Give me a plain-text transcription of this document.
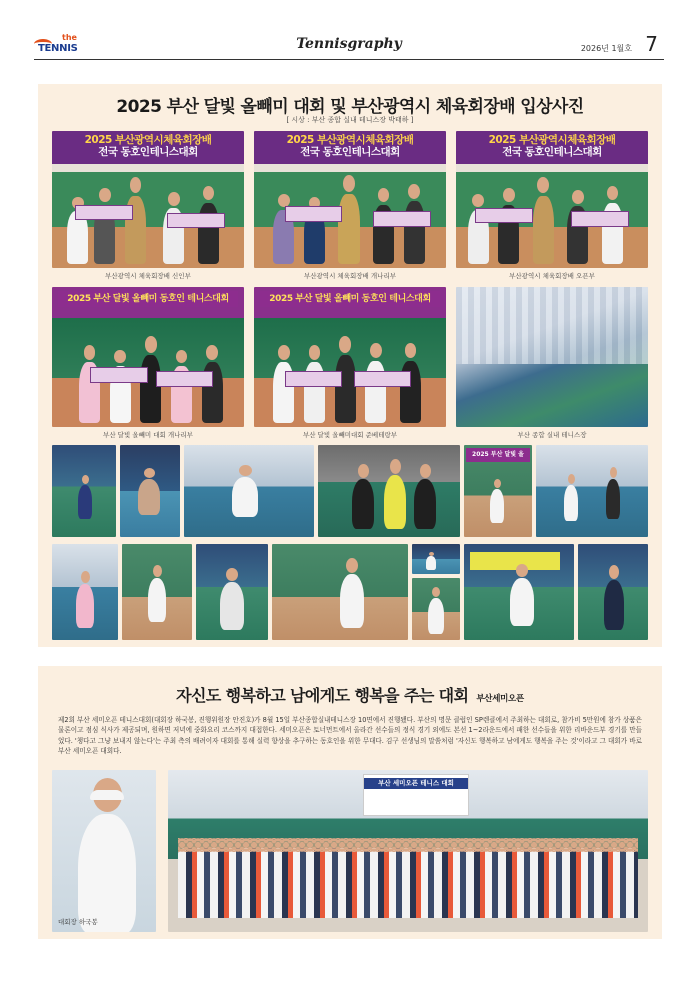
the
TENNIS	Tennisgraphy	2026년 1월호 7
2025 부산 달빛 올빼미 대회 및 부산광역시 체육회장배 입상사진
[ 시상 : 부산 종합 실내 테니스장 박태하 ]
2025 부산광역시체육회장배
전국 동호인테니스대회
2025 부산광역시체육회장배
전국 동호인테니스대회
2025 부산광역시체육회장배
전국 동호인테니스대회
부산광역시 체육회장배 신인부	부산광역시 체육회장배 개나리부	부산광역시 체육회장배 오픈부
2025 부산 달빛 올빼미 동호인 테니스대회	2025 부산 달빛 올빼미 동호인 테니스대회
부산 달빛 올빼미 대회 개나리부	부산 달빛 올빼미대회 준베테랑부	부산 종합 실내 테니스장
2025 부산 달빛 올
자신도 행복하고 남에게도 행복을 주는 대회 부산세미오픈
제2회 부산 세미오픈 테니스대회(대회장 하국봉, 진행위원장 안진호)가 8월 15일 부산종합실내테니스장 10면에서 진행됐다. 부산의 명문 클럽인 SP렌클에서 주최하는 대회로, 참가비 5만원에 참가 상품은 물론이고 점심 식사가 제공되며, 원하면 저녁에 중화요리 코스까지 대접한다. 세미오픈은 토너먼트에서 올라간 선수들의 정식 경기 외에도 본선 1~2라운드에서 패한 선수들을 위한 리바운드부 경기를 만들었다. '챙다고 그냥 보내지 않는다'는 주최 측의 배려이자 대회를 통해 실력 향상을 추구하는 동호인을 위한 무대다. 김구 선생님의 말씀처럼 '자신도 행복하고 남에게도 행복을 주는 것'이라고 그 대회가 바로 부산 세미오픈 대회다.
대회장 하국봉
부산 세미오픈 테니스 대회
